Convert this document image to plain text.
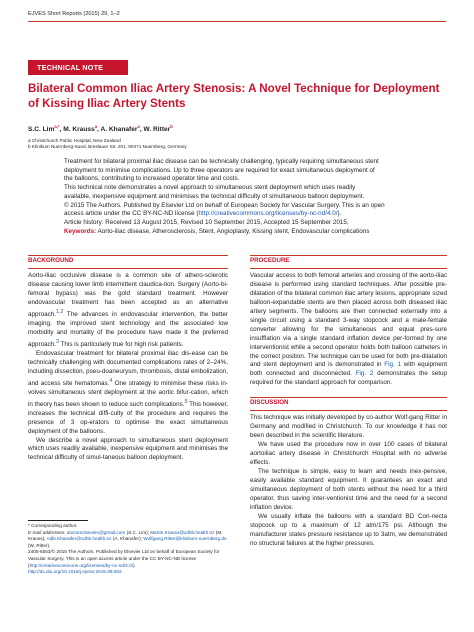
EJVES Short Reports (2015) 29, 1–2
TECHNICAL NOTE
Bilateral Common Iliac Artery Stenosis: A Novel Technique for Deployment of Kissing Iliac Artery Stents
S.C. Lim$^{a,*}$, M. Krauss$^a$, A. Khanafer$^a$, W. Ritter$^b$
a Christchurch Public Hospital, New Zealand
b Klinikum Nuernberg-Sued, Breslauer Str. 201, 90471 Nuernberg, Germany

Treatment for bilateral proximal iliac disease can be technically challenging, typically requiring simultaneous stent

deployment to minimise complications. Up to three operators are required for exact simultaneous deployment of

the balloons, contributing to increased operator time and costs.

This technical note demonstrates a novel approach to simultaneous stent deployment which uses readily

available, inexpensive equipment and minimises the technical difficulty of simultaneous balloon deployment.

© 2015 The Authors. Published by Elsevier Ltd on behalf of European Society for Vascular Surgery. This is an open

access article under the CC BY-NC-ND license (http://creativecommons.org/licenses/by-nc-nd/4.0/).

Article history: Received 13 August 2015, Revised 10 September 2015, Accepted 15 September 2015,

Keywords: Aorto-iliac disease, Atherosclerosis, Stent, Angioplasty, Kissing stent, Endovascular complications

BACKGROUND

Aorto-iliac occlusive disease is a common site of athero-sclerotic disease causing lower limb intermittent claudica-tion. Surgery (Aorto-bi-femoral bypass) was the gold standard treatment. However endovascular treatment has been accepted as an alternative approach.$^{1,2}$ The advances in endovascular intervention, the better imaging, the improved stent technology and the associated low morbidity and mortality of the procedure have made it the preferred approach.$^3$ This is particularly true for high risk patients.

Endovascular treatment for bilateral proximal iliac dis-ease can be technically challenging with documented complications rates of 2–24%, including dissection, pseu-doaneurysm, thrombosis, distal embolization, and access site hematomas.$^4$ One strategy to minimise these risks in-volves simultaneous stent deployment at the aortic bifur-cation, which in theory has been shown to reduce such complications.$^5$ This however, increases the technical diffi-culty of the procedure and requires the presence of 3 op-erators to optimise the exact simultaneous deployment of the balloons.

We describe a novel approach to simultaneous stent deployment which uses readily available, inexpensive equipment and minimises the technical difficulty of simul-taneous balloon deployment.

PROCEDURE

Vascular access to both femoral arteries and crossing of the aorto-iliac disease is performed using standard techniques. After possible pre-dilatation of the bilateral common iliac artery lesions, appropriate sized balloon-expandable stents are then placed across both diseased iliac artery segments. The balloons are then connected externally into a single circuit using a standard 3-way stopcock and a male-female converter allowing for the simultaneous and equal pres-sure insufflation via a single standard inflation device per-formed by one interventionist while a second operator holds both balloon catheters in the correct position. The technique can be used for both pre-dilatation and stent deployment and is demonstrated in Fig. 1 with equipment both connected and disconnected. Fig. 2 demonstrates the setup required for the standard approach for comparison.

DISCUSSION

This technique was initially developed by co-author Wolf-gang Ritter in Germany and modified in Christchurch. To our knowledge it has not been described in the scientific literature.

We have used the procedure now in over 100 cases of bilateral aortoiliac artery disease in Christchurch Hospital with no adverse effects.

The technique is simple, easy to learn and needs inex-pensive, easily available standard equipment. It guarantees an exact and simultaneous deployment of both stents without the need for a third operator, thus saving inter-ventionist time and the need for a second inflation device.

We usually inflate the balloons with a standard BD Con-necta stopcock up to a maximum of 12 atm/175 psi. Although the manufacturer states pressure resistance up to 3atm, we demonstrated no structural failures at the higher pressures.

* Corresponding author.
E-mail addresses: doctorsclsevien@gmail.com (S.C. Lim); Martin.Krauss@cdhb.health.nz (M. Krauss); Adib.Khanafer@cdhb.health.nz (A. Khanafer); Wolfgang.Ritter@klinikum-nuernberg.de (W. Ritter).
2405-6553/© 2015 The Authors. Published by Elsevier Ltd on behalf of European Society for Vascular Surgery. This is an open access article under the CC BY-NC-ND license (http://creativecommons.org/licenses/by-nc-nd/4.0/).
http://dx.doi.org/10.1016/j.ejvssr.2015.09.002
